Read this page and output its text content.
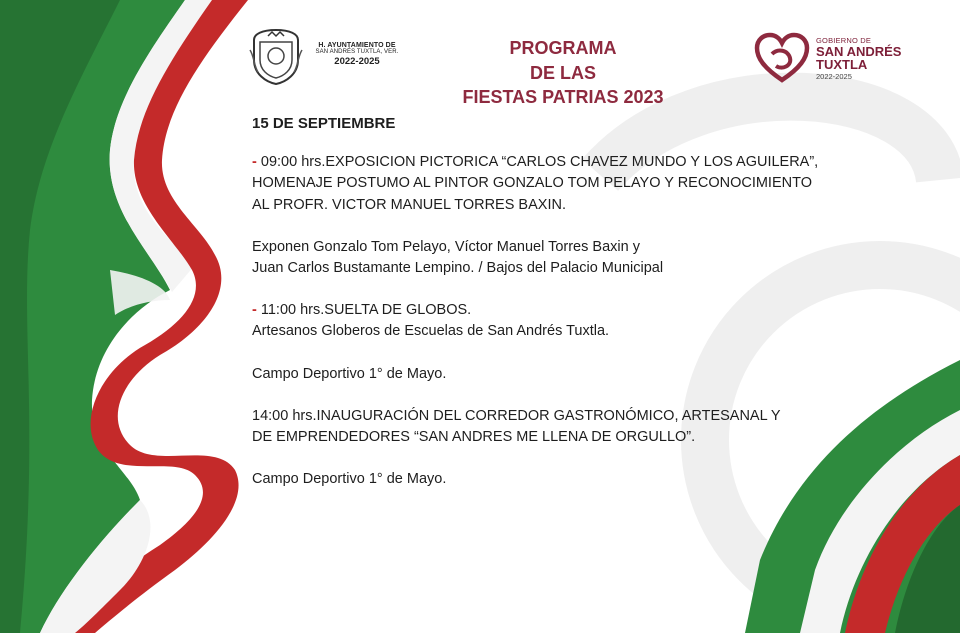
H. AYUNTAMIENTO DE
SAN ANDRÉS TUXTLA, VER.
2022-2025
PROGRAMA
DE LAS
FIESTAS PATRIAS 2023
GOBIERNO DE
SAN ANDRÉS
TUXTLA
2022-2025

15 DE SEPTIEMBRE

- 09:00 hrs.EXPOSICION PICTORICA “CARLOS CHAVEZ MUNDO Y LOS AGUILERA”,

HOMENAJE POSTUMO AL PINTOR GONZALO TOM PELAYO Y RECONOCIMIENTO

AL PROFR. VICTOR MANUEL TORRES BAXIN.

Exponen Gonzalo Tom Pelayo, Víctor Manuel Torres Baxin y

Juan Carlos Bustamante Lempino. / Bajos del Palacio Municipal

- 11:00 hrs.SUELTA DE GLOBOS.

Artesanos Globeros de Escuelas de San Andrés Tuxtla.

Campo Deportivo 1° de Mayo.

14:00 hrs.INAUGURACIÓN DEL CORREDOR GASTRONÓMICO, ARTESANAL Y

DE EMPRENDEDORES “SAN ANDRES ME LLENA DE ORGULLO”.

Campo Deportivo 1° de Mayo.
